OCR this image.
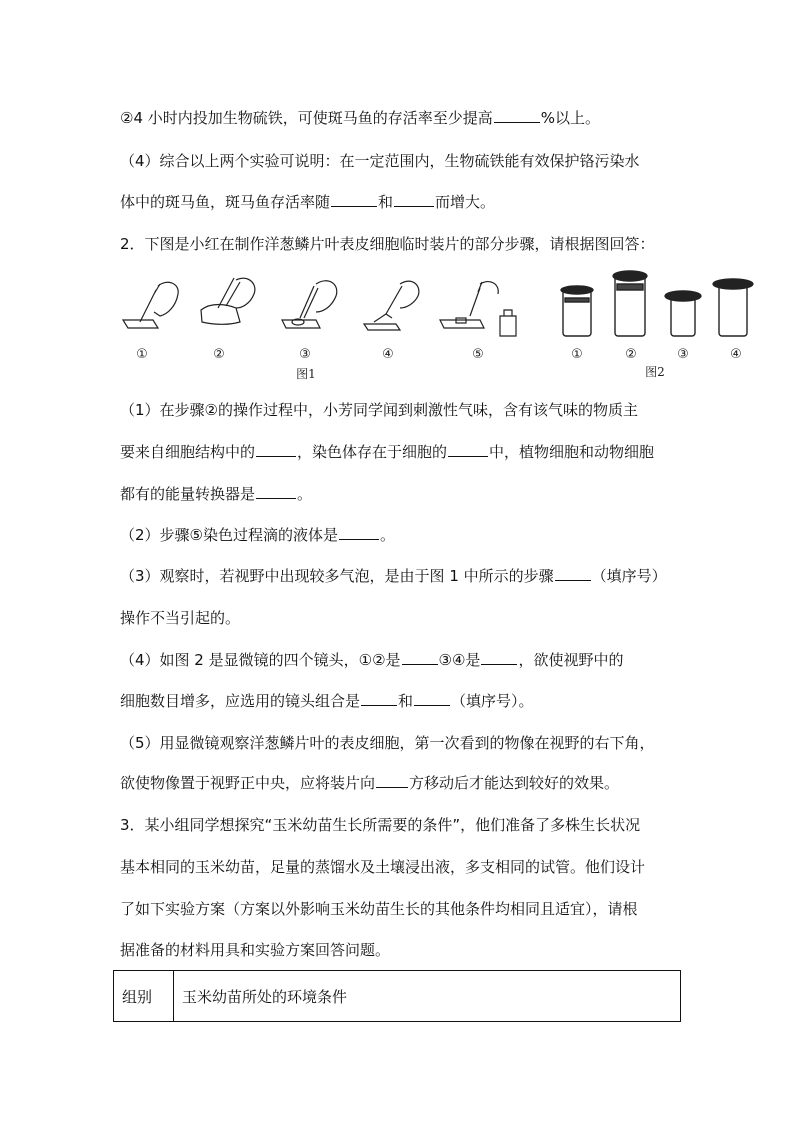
②4 小时内投加生物硫铁，可使斑马鱼的存活率至少提高	%以上。
（4）综合以上两个实验可说明：在一定范围内，生物硫铁能有效保护铬污染水
体中的斑马鱼，斑马鱼存活率随	和	而增大。
2．下图是小红在制作洋葱鳞片叶表皮细胞临时装片的部分步骤，请根据图回答：
①	②	③	④	⑤
图1
①	②	③	④
图2
（1）在步骤②的操作过程中，小芳同学闻到刺激性气味，含有该气味的物质主
要来自细胞结构中的	，染色体存在于细胞的	中，植物细胞和动物细胞
都有的能量转换器是	。
（2）步骤⑤染色过程滴的液体是	。
（3）观察时，若视野中出现较多气泡，是由于图 1 中所示的步骤	（填序号）
操作不当引起的。
（4）如图 2 是显微镜的四个镜头，①②是	③④是	，欲使视野中的
细胞数目增多，应选用的镜头组合是	和	（填序号）。
（5）用显微镜观察洋葱鳞片叶的表皮细胞，第一次看到的物像在视野的右下角，
欲使物像置于视野正中央，应将装片向 方移动后才能达到较好的效果。
3．某小组同学想探究“玉米幼苗生长所需要的条件”，他们准备了多株生长状况
基本相同的玉米幼苗，足量的蒸馏水及土壤浸出液，多支相同的试管。他们设计
了如下实验方案（方案以外影响玉米幼苗生长的其他条件均相同且适宜），请根
据准备的材料用具和实验方案回答问题。
组别 玉米幼苗所处的环境条件
